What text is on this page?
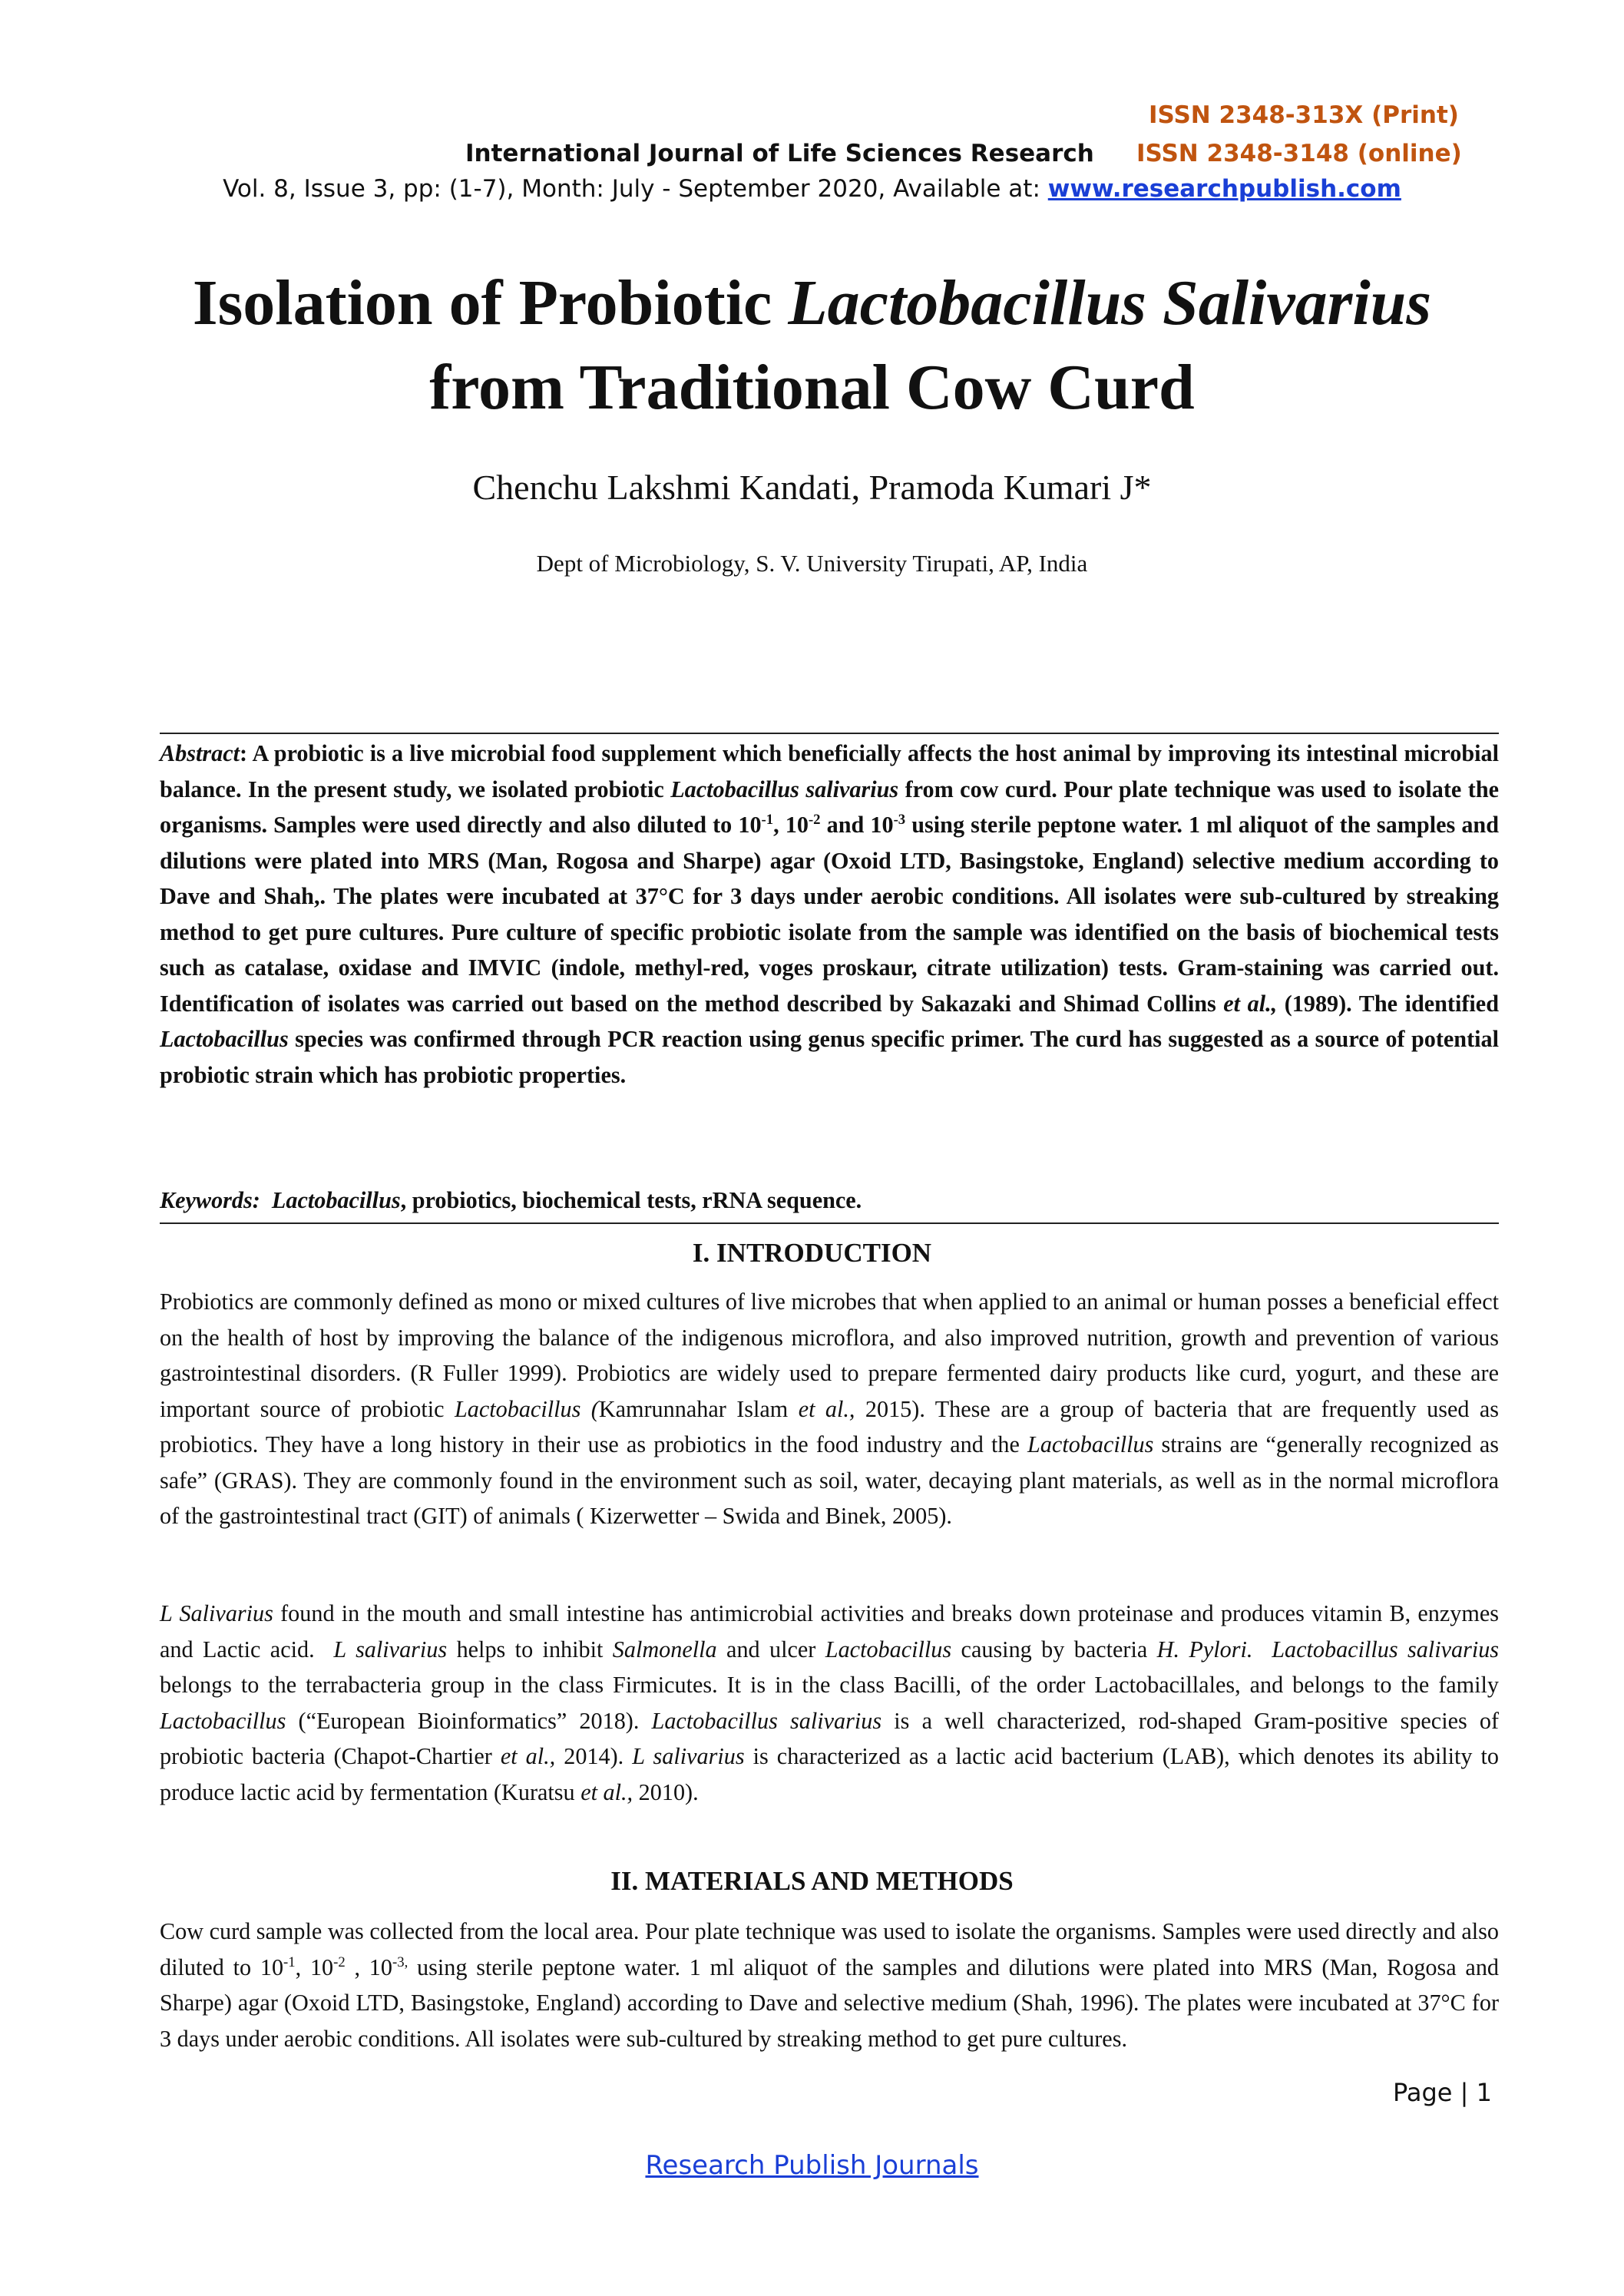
ISSN 2348-313X (Print)
International Journal of Life Sciences Research ISSN 2348-3148 (online)
Vol. 8, Issue 3, pp: (1-7), Month: July - September 2020, Available at: www.researchpublish.com
Isolation of Probiotic Lactobacillus Salivarius
from Traditional Cow Curd
Chenchu Lakshmi Kandati, Pramoda Kumari J*
Dept of Microbiology, S. V. University Tirupati, AP, India
Abstract: A probiotic is a live microbial food supplement which beneficially affects the host animal by improving its intestinal microbial balance. In the present study, we isolated probiotic Lactobacillus salivarius from cow curd. Pour plate technique was used to isolate the organisms. Samples were used directly and also diluted to $10^{-1}$, $10^{-2}$ and $10^{-3}$ using sterile peptone water. 1 ml aliquot of the samples and dilutions were plated into MRS (Man, Rogosa and Sharpe) agar (Oxoid LTD, Basingstoke, England) selective medium according to Dave and Shah,. The plates were incubated at 37°C for 3 days under aerobic conditions. All isolates were sub-cultured by streaking method to get pure cultures. Pure culture of specific probiotic isolate from the sample was identified on the basis of biochemical tests such as catalase, oxidase and IMVIC (indole, methyl-red, voges proskaur, citrate utilization) tests. Gram-staining was carried out. Identification of isolates was carried out based on the method described by Sakazaki and Shimad Collins et al., (1989). The identified Lactobacillus species was confirmed through PCR reaction using genus specific primer. The curd has suggested as a source of potential probiotic strain which has probiotic properties.
Keywords: Lactobacillus, probiotics, biochemical tests, rRNA sequence.
I. INTRODUCTION
Probiotics are commonly defined as mono or mixed cultures of live microbes that when applied to an animal or human posses a beneficial effect on the health of host by improving the balance of the indigenous microflora, and also improved nutrition, growth and prevention of various gastrointestinal disorders. (R Fuller 1999). Probiotics are widely used to prepare fermented dairy products like curd, yogurt, and these are important source of probiotic Lactobacillus (Kamrunnahar Islam et al., 2015). These are a group of bacteria that are frequently used as probiotics. They have a long history in their use as probiotics in the food industry and the Lactobacillus strains are “generally recognized as safe” (GRAS). They are commonly found in the environment such as soil, water, decaying plant materials, as well as in the normal microflora of the gastrointestinal tract (GIT) of animals ( Kizerwetter – Swida and Binek, 2005).
L Salivarius found in the mouth and small intestine has antimicrobial activities and breaks down proteinase and produces vitamin B, enzymes and Lactic acid. L salivarius helps to inhibit Salmonella and ulcer Lactobacillus causing by bacteria H. Pylori. Lactobacillus salivarius belongs to the terrabacteria group in the class Firmicutes. It is in the class Bacilli, of the order Lactobacillales, and belongs to the family Lactobacillus (“European Bioinformatics” 2018). Lactobacillus salivarius is a well characterized, rod-shaped Gram-positive species of probiotic bacteria (Chapot-Chartier et al., 2014). L salivarius is characterized as a lactic acid bacterium (LAB), which denotes its ability to produce lactic acid by fermentation (Kuratsu et al., 2010).
II. MATERIALS AND METHODS
Cow curd sample was collected from the local area. Pour plate technique was used to isolate the organisms. Samples were used directly and also diluted to $10^{-1}$, $10^{-2}$ , $10^{-3,}$ using sterile peptone water. 1 ml aliquot of the samples and dilutions were plated into MRS (Man, Rogosa and Sharpe) agar (Oxoid LTD, Basingstoke, England) according to Dave and selective medium (Shah, 1996). The plates were incubated at 37°C for 3 days under aerobic conditions. All isolates were sub-cultured by streaking method to get pure cultures.
Page | 1
Research Publish Journals
